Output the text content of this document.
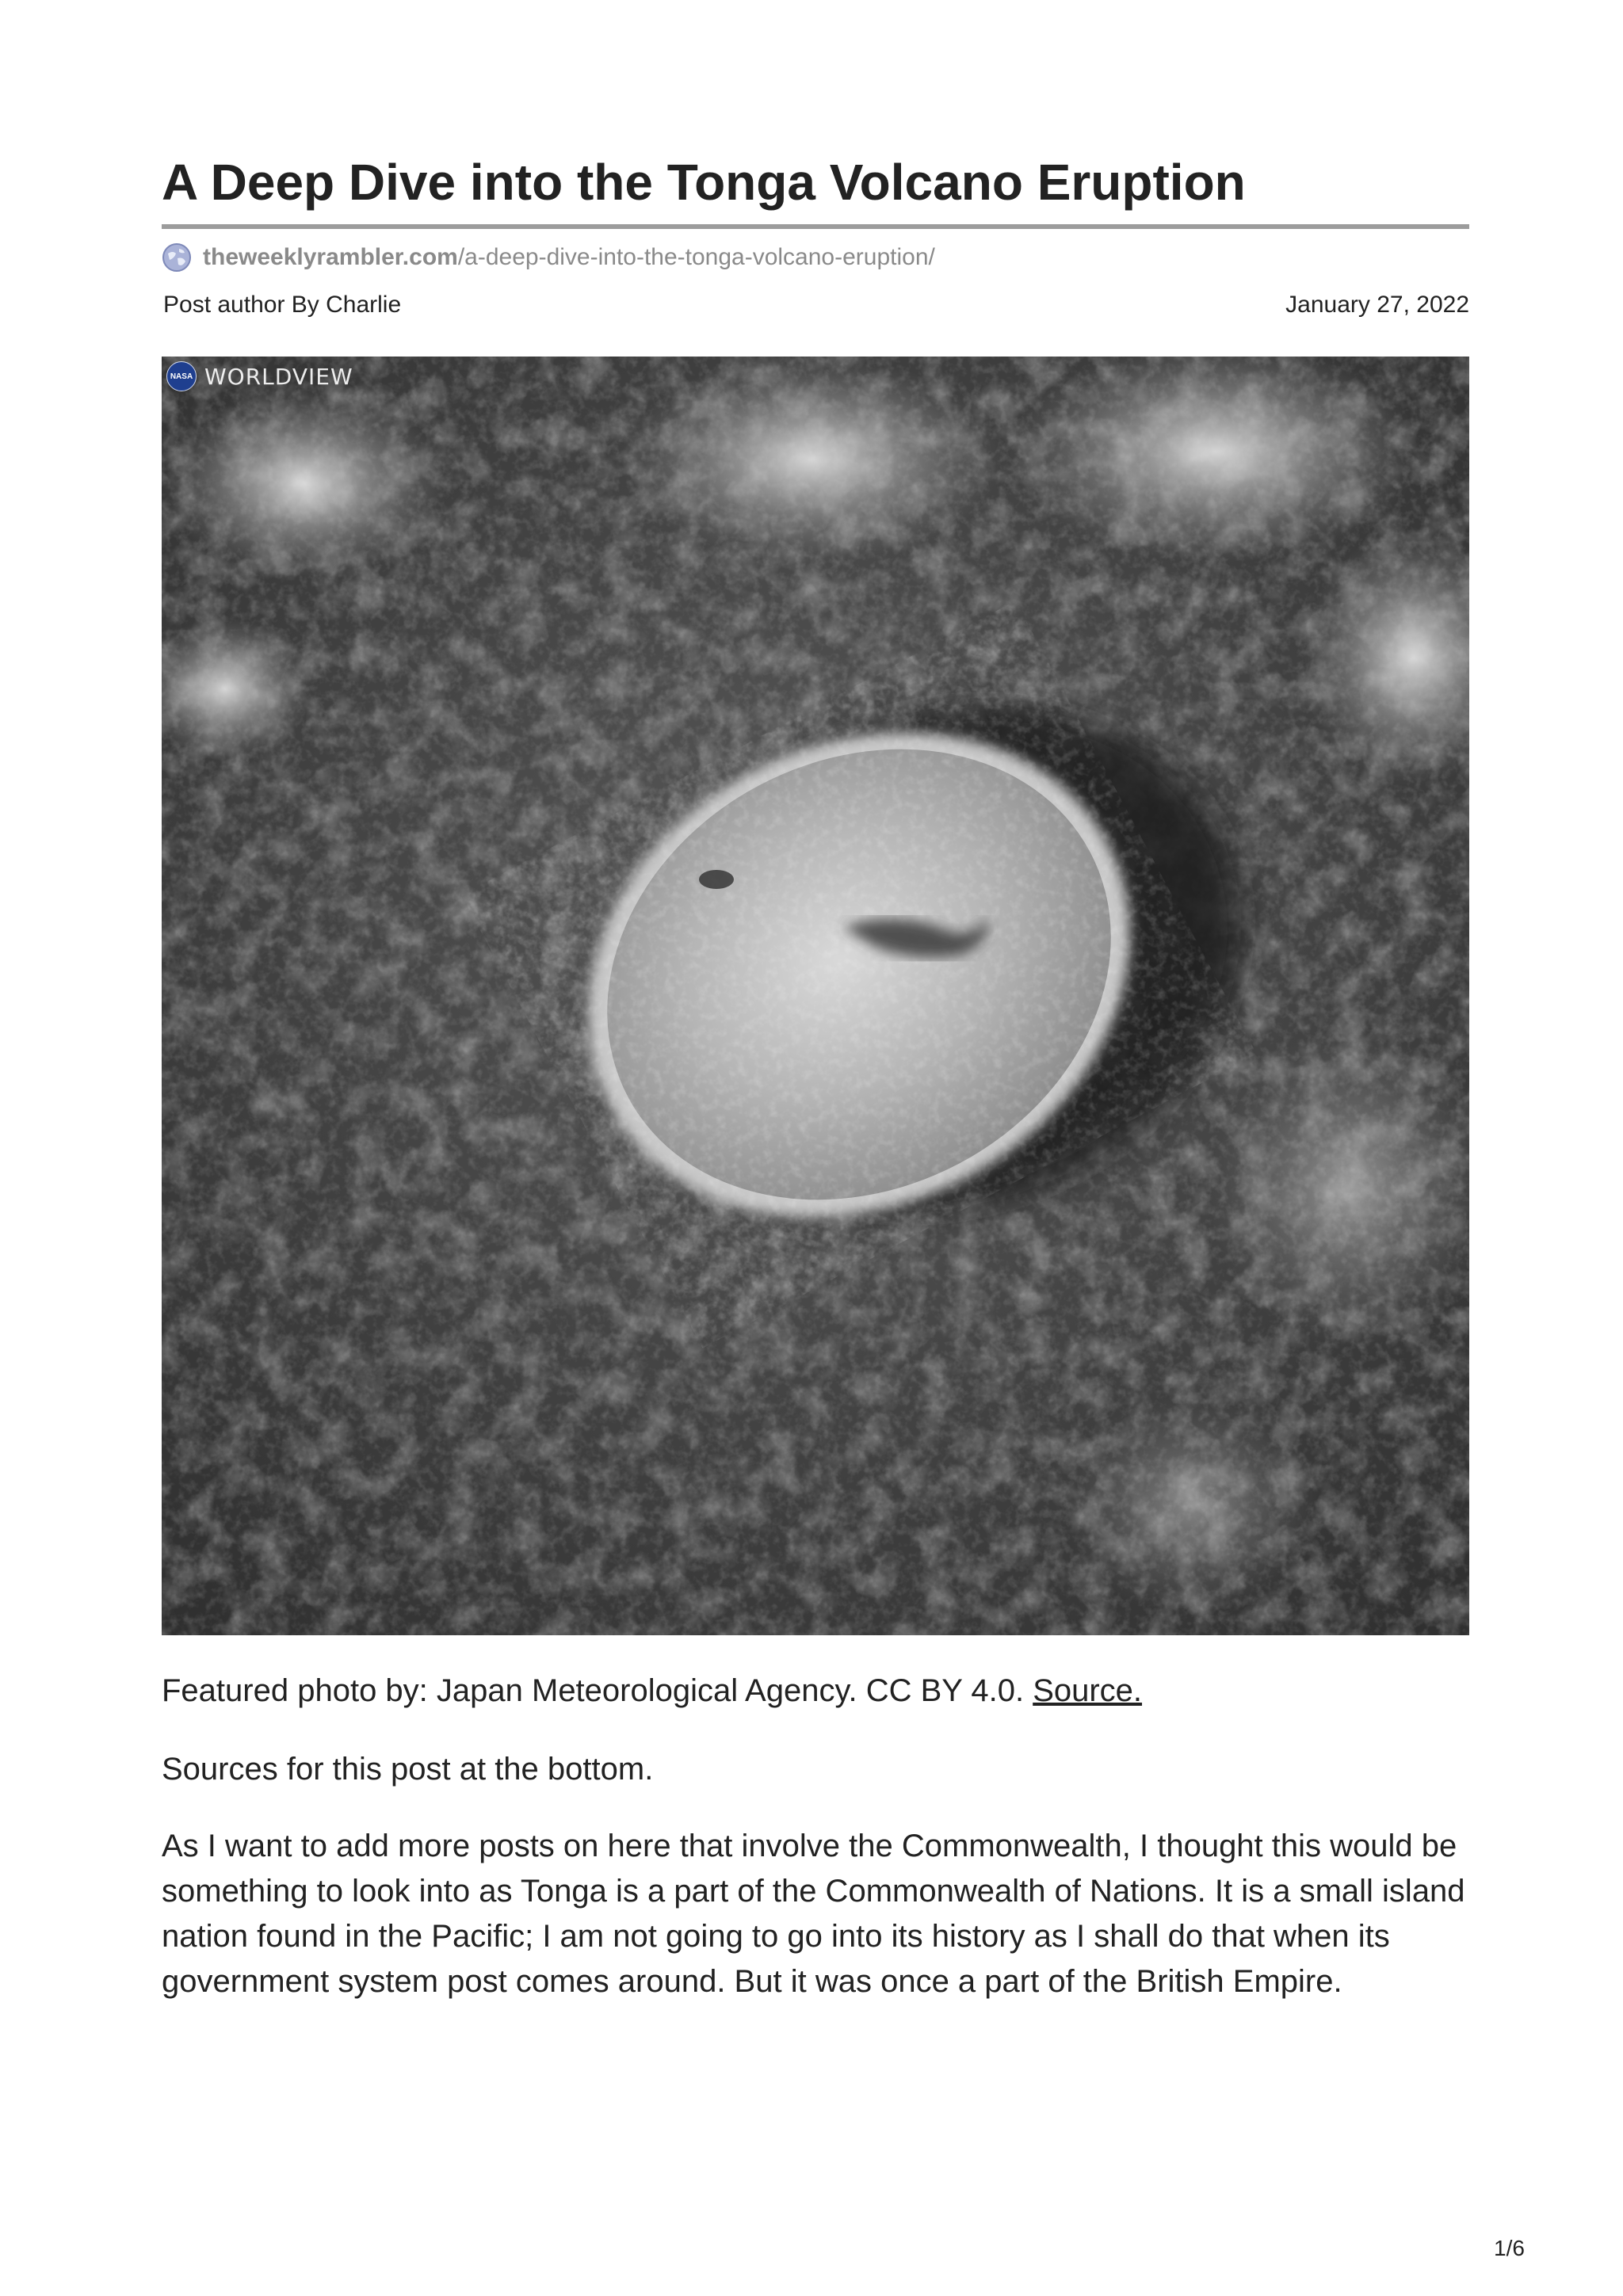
A Deep Dive into the Tonga Volcano Eruption
theweeklyrambler.com /a-deep-dive-into-the-tonga-volcano-eruption/
Post author By Charlie	January 27, 2022
NASA WORLDVIEW

Featured photo by: Japan Meteorological Agency. CC BY 4.0. Source.

Sources for this post at the bottom.

As I want to add more posts on here that involve the Commonwealth, I thought this would be something to look into as Tonga is a part of the Commonwealth of Nations. It is a small island nation found in the Pacific; I am not going to go into its history as I shall do that when its government system post comes around. But it was once a part of the British Empire.

1/6
